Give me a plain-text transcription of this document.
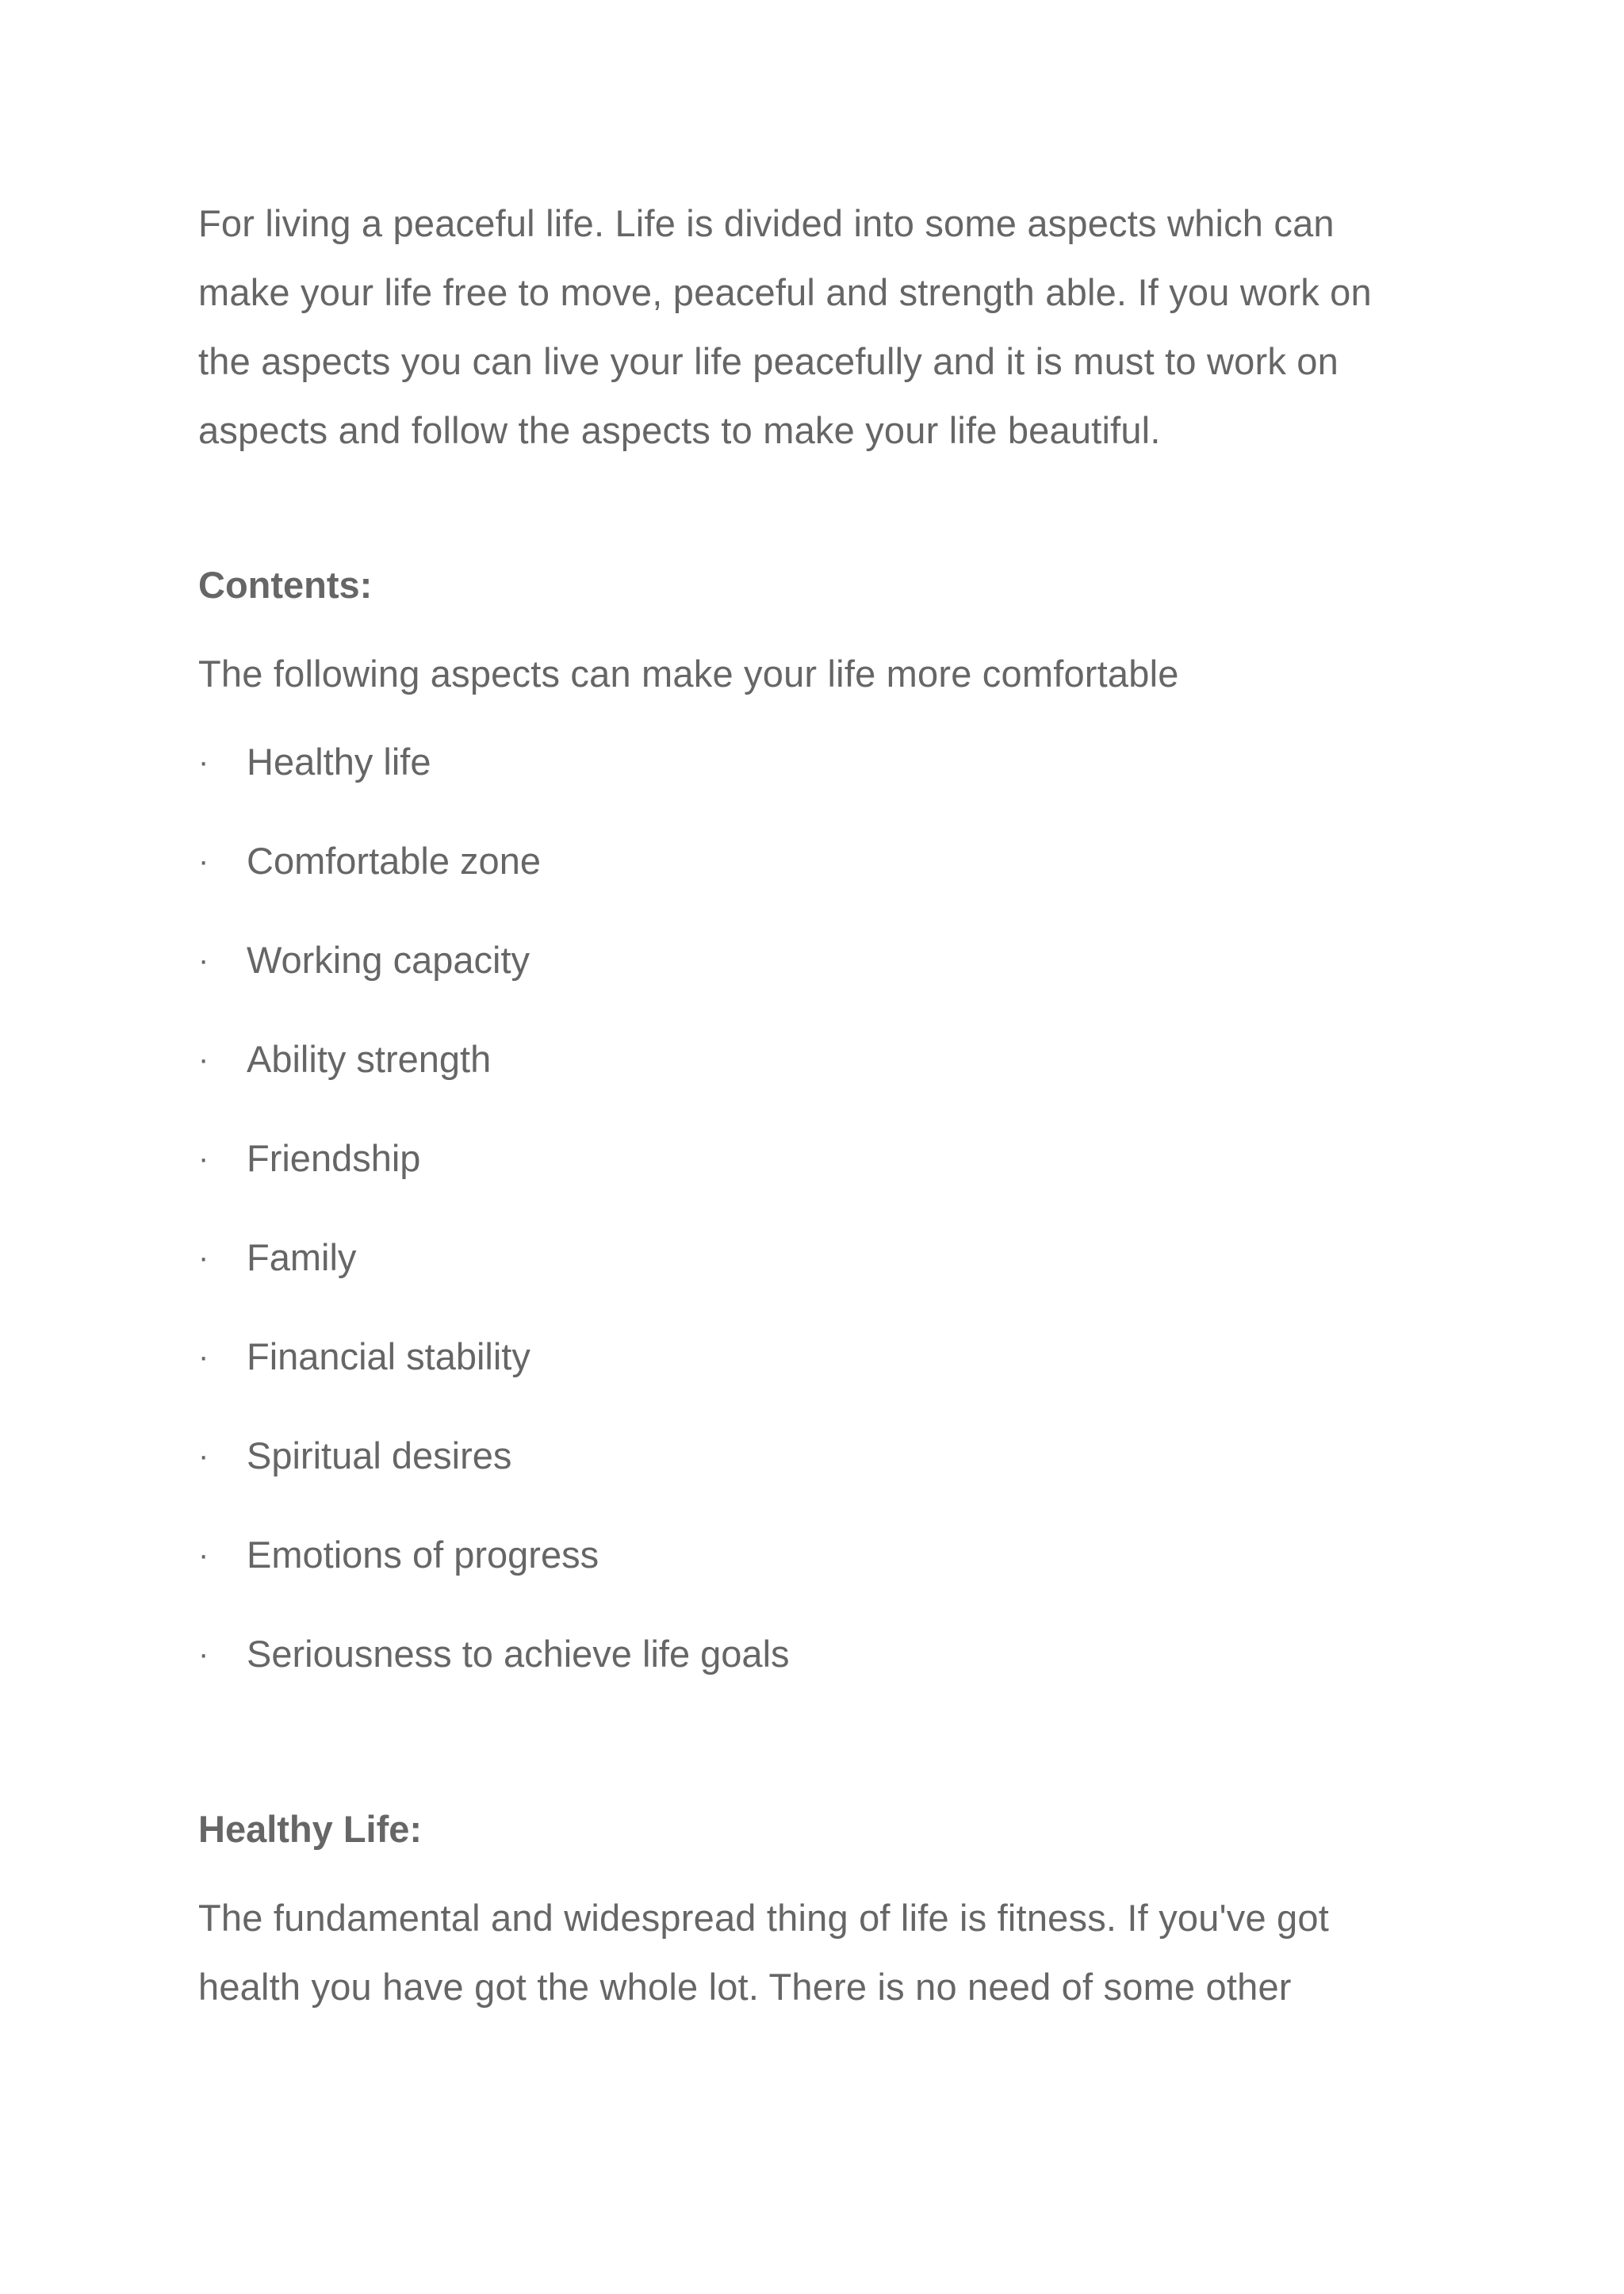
For living a peaceful life. Life is divided into some aspects which can
make your life free to move, peaceful and strength able. If you work on
the aspects you can live your life peacefully and it is must to work on
aspects and follow the aspects to make your life beautiful.
Contents:
The following aspects can make your life more comfortable
· Healthy life
· Comfortable zone
· Working capacity
· Ability strength
· Friendship
· Family
· Financial stability
· Spiritual desires
· Emotions of progress
· Seriousness to achieve life goals
Healthy Life:
The fundamental and widespread thing of life is fitness. If you've got
health you have got the whole lot. There is no need of some other
